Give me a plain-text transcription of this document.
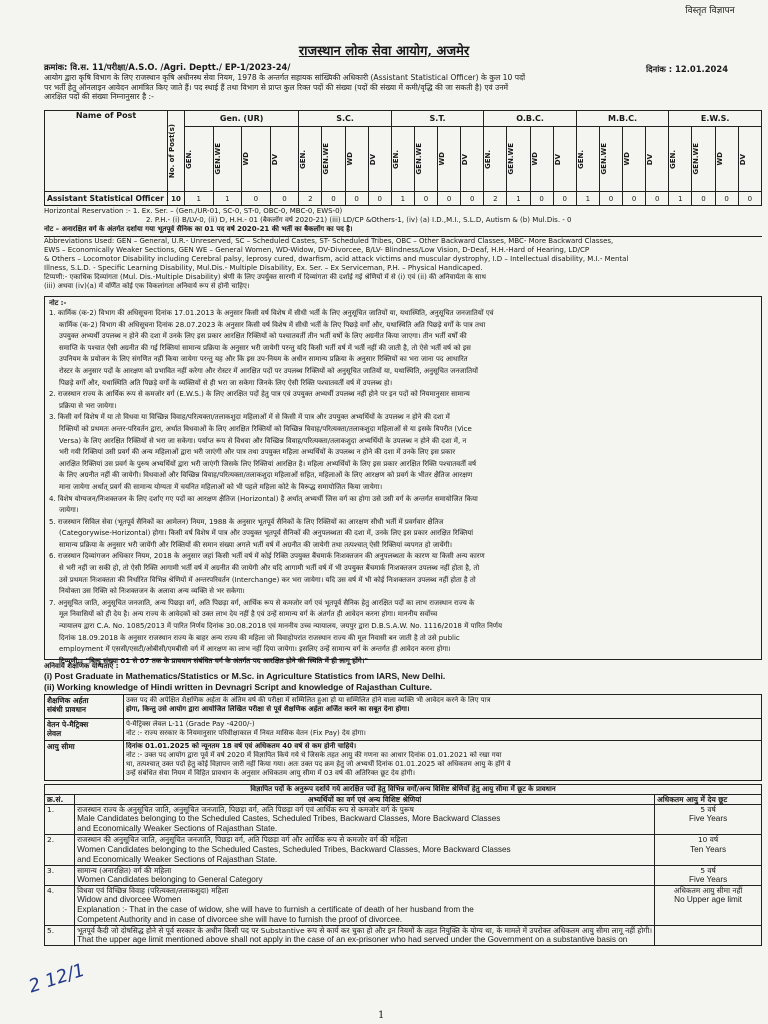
विस्तृत विज्ञापन
राजस्थान लोक सेवा आयोग, अजमेर
क्रमांक: वि.स. 11/परीक्षा/A.S.O. /Agri. Deptt./ EP-1/2023-24/	दिनांक : 12.01.2024
आयोग द्वारा कृषि विभाग के लिए राजस्थान कृषि अधीनस्थ सेवा नियम, 1978 के अन्तर्गत सहायक सांख्यिकी अधिकारी (Assistant Statistical Officer) के कुल 10 पदों
पर भर्ती हेतु ऑनलाइन आवेदन आमंत्रित किए जाते हैं। पद स्थाई हैं तथा विभाग से प्राप्त कुल रिक्त पदों की संख्या (पदों की संख्या में कमी/वृद्धि की जा सकती है) एवं उनमें
आरक्षित पदों की संख्या निम्नानुसार है :-
Name of Post	No. of Post(s)	Gen. (UR)				S.C.				S.T.				O.B.C.				M.B.C.				E.W.S.			

		GEN.	GEN.WE	WD	DV	GEN.	GEN.WE	WD	DV	GEN.	GEN.WE	WD	DV	GEN.	GEN.WE	WD	DV	GEN.	GEN.WE	WD	DV	GEN.	GEN.WE	WD	DV

Assistant Statistical Officer	10	1	1	0	0	2	0	0	0	1	0	0	0	2	1	0	0	1	0	0	0	1	0	0	0
Horizontal Reservation :- 1. Ex. Ser. – (Gen./UR-01, SC-0, ST-0, OBC-0, MBC-0, EWS-0)
2. P.H.- (i) B/LV-0, (ii) D, H.H.- 01 (बैकलॉग वर्ष 2020-21) (iii) LD/CP &Others-1, (iv) (a) I.D.,M.I., S.L.D, Autism & (b) Mul.Dis. - 0
नोट – अनारक्षित वर्ग के अंतर्गत दर्शाया गया भूतपूर्व सैनिक का 01 पद वर्ष 2020-21 की भर्ती का बैकलॉग का पद है।
Abbreviations Used: GEN – General, U.R.- Unreserved, SC – Scheduled Castes, ST- Scheduled Tribes, OBC – Other Backward Classes, MBC- More Backward Classes,
EWS – Economically Weaker Sections, GEN WE – General Women, WD-Widow, DV-Divorcee, B/LV- Blindness/Low Vision, D-Deaf, H.H.-Hard of Hearing, LD/CP
& Others – Locomotor Disability including Cerebral palsy, leprosy cured, dwarfism, acid attack victims and muscular dystrophy, I.D – Intellectual disability, M.I.- Mental
Illness, S.L.D. - Specific Learning Disability, Mul.Dis.- Multiple Disability, Ex. Ser. – Ex Serviceman, P.H. – Physical Handicaped.
टिप्पणी:- एकाधिक दिव्यांगता (Mul. Dis.-Multiple Disability) श्रेणी के लिए उपर्युक्त सारणी में दिव्यांगता की दर्शाई गई श्रेणियों में से (i) एवं (ii) की अनिवार्यता के साथ
(iii) अथवा (iv)(a) में वर्णित कोई एक विकलांगता अनिवार्य रूप से होनी चाहिए।
नोट :-
1. कार्मिक (क-2) विभाग की अधिसूचना दिनांक 17.01.2013 के अनुसार किसी वर्ष विशेष में सीधी भर्ती के लिए अनुसूचित जातियों या, यथास्थिति, अनुसूचित जनजातियों एवं
कार्मिक (क-2) विभाग की अधिसूचना दिनांक 28.07.2023 के अनुसार किसी वर्ष विशेष में सीधी भर्ती के लिए पिछड़े वर्गों और, यथास्थिति अति पिछड़े वर्गों के पात्र तथा
उपयुक्त अभ्यर्थी उपलब्ध न होने की दशा में उनके लिए इस प्रकार आरक्षित रिक्तियों को पश्चातवर्ती तीन भर्ती वर्षों के लिए अग्रनीत किया जाएगा। तीन भर्ती वर्षों की
समाप्ति के पश्चात ऐसी अग्रनीत की गई रिक्तियां सामान्य प्रक्रिया के अनुसार भरी जायेगी परन्तु यदि किसी भर्ती वर्ष में भर्ती नहीं की जाती है, तो ऐसे भर्ती वर्ष को इस
उपनियम के प्रयोजन के लिए संगणित नहीं किया जायेगा परन्तु यह और कि इस उप-नियम के अधीन सामान्य प्रक्रिया के अनुसार रिक्तियों का भरा जाना पद आधारित
रोस्टर के अनुसार पदों के आरक्षण को प्रभावित नहीं करेगा और रोस्टर में आरक्षित पदों पर उपलब्ध रिक्तियों को अनुसूचित जातियों या, यथास्थिति, अनुसूचित जनजातियों
पिछड़े वर्गों और, यथास्थिति अति पिछड़े वर्गों के व्यक्तियों से ही भरा जा सकेगा जिनके लिए ऐसी रिक्ति पश्चातवर्ती वर्ष में उपलब्ध हो।
2. राजस्थान राज्य के आर्थिक रूप से कमजोर वर्ग (E.W.S.) के लिए आरक्षित पदों हेतु पात्र एवं उपयुक्त अभ्यर्थी उपलब्ध नहीं होने पर इन पदों को नियमानुसार सामान्य
प्रक्रिया से भरा जायेगा।
3. किसी वर्ग विशेष में या तो विधवा या विच्छिन्न विवाह/परित्यक्ता/तलाकशुदा महिलाओं में से किसी में पात्र और उपयुक्त अभ्यर्थियों के उपलब्ध न होने की दशा में
रिक्तियों को प्रथमतः अन्तर-परिवर्तन द्वारा, अर्थात विधवाओं के लिए आरक्षित रिक्तियों को विच्छिन्न विवाह/परित्यक्ता/तलाकशुदा महिलाओं से या इसके विपरीत (Vice
Versa) के लिए आरक्षित रिक्तियों से भरा जा सकेगा। पर्याप्त रूप से विधवा और विच्छिन्न विवाह/परित्यक्ता/तलाकशुदा अभ्यर्थियों के उपलब्ध न होने की दशा में, न
भरी गयी रिक्तियां उसी प्रवर्ग की अन्य महिलाओं द्वारा भरी जाएंगी और पात्र तथा उपयुक्त महिला अभ्यर्थियों के उपलब्ध न होने की दशा में उनके लिए इस प्रकार
आरक्षित रिक्तियां उस प्रवर्ग के पुरुष अभ्यर्थियों द्वारा भरी जाएंगी जिसके लिए रिक्तियां आरक्षित है। महिला अभ्यर्थियों के लिए इस प्रकार आरक्षित रिक्ति पश्चातवर्ती वर्ष
के लिए अग्रनीत नहीं की जायेगी। विधवाओं और विच्छिन्न विवाह/परित्यक्ता/तलाकशुदा महिलाओं सहित, महिलाओं के लिए आरक्षण को प्रवर्ग के भीतर क्षैतिज आरक्षण
माना जायेगा अर्थात् प्रवर्ग की सामान्य योग्यता में चयनित महिलाओं को भी पहले महिला कोटे के विरूद्ध समायोजित किया जायेगा।
4. विशेष योग्यजन/निःशक्तजन के लिए दर्शाए गए पदों का आरक्षण क्षैतिज (Horizontal) है अर्थात् अभ्यर्थी जिस वर्ग का होगा उसे उसी वर्ग के अन्तर्गत समायोजित किया
जायेगा।
5. राजस्थान सिविल सेवा (भूतपूर्व सैनिकों का आमेलन) नियम, 1988 के अनुसार भूतपूर्व सैनिकों के लिए रिक्तियों का आरक्षण सीधी भर्ती में प्रवर्गवार क्षैतिज
(Categorywise-Horizontal) होगा। किसी वर्ष विशेष में पात्र और उपयुक्त भूतपूर्व सैनिकों की अनुपलब्धता की दशा में, उनके लिए इस प्रकार आरक्षित रिक्तियां
सामान्य प्रक्रिया के अनुसार भरी जायेंगी और रिक्तियों की समान संख्या अगले भर्ती वर्ष में अग्रनीत की जायेगी तथा तत्पश्चात् ऐसी रिक्तियां व्यपगत हो जायेंगी।
6. राजस्थान दिव्यांगजन अधिकार नियम, 2018 के अनुसार जहां किसी भर्ती वर्ष में कोई रिक्ति उपयुक्त बैंचमार्क निःशक्तजन की अनुपलब्धता के कारण या किसी अन्य कारण
से भरी नहीं जा सकी हो, तो ऐसी रिक्ति आगामी भर्ती वर्ष में अग्रनीत की जायेगी और यदि आगामी भर्ती वर्ष में भी उपयुक्त बैंचमार्क निःशक्तजन उपलब्ध नहीं होता है, तो
उसे प्रथमतः निःशक्तता की निर्धारित विभिन्न श्रेणियों में अन्तरपरिवर्तन (Interchange) कर भरा जायेगा। यदि उस वर्ष में भी कोई निःशक्तजन उपलब्ध नहीं होता है तो
नियोक्ता उस रिक्ति को निःशक्तजन के अलावा अन्य व्यक्ति से भर सकेगा।
7. अनुसूचित जाति, अनुसूचित जनजाति, अन्य पिछड़ा वर्ग, अति पिछड़ा वर्ग, आर्थिक रूप से कमजोर वर्ग एवं भूतपूर्व सैनिक हेतु आरक्षित पदों का लाभ राजस्थान राज्य के
मूल निवासियों को ही देय है। अन्य राज्य के आवेदकों को उक्त लाभ देय नहीं है एवं उन्हें सामान्य वर्ग के अंतर्गत ही आवेदन करना होगा। माननीय सर्वोच्च
न्यायालय द्वारा C.A. No. 1085/2013 में पारित निर्णय दिनांक 30.08.2018 एवं माननीय उच्च न्यायालय, जयपुर द्वारा D.B.S.A.W. No. 1116/2018 में पारित निर्णय
दिनांक 18.09.2018 के अनुसार राजस्थान राज्य के बाहर अन्य राज्य की महिला जो विवाहोपरांत राजस्थान राज्य की मूल निवासी बन जाती है तो उसे public
employment में एससी/एसटी/ओबीसी/एमबीसी वर्ग में आरक्षण का लाभ नहीं दिया जायेगा। इसलिए उन्हें सामान्य वर्ग के अन्तर्गत ही आवेदन करना होगा।
टिप्पणी:- "बिन्दु संख्या 01 से 07 तक के प्रावधान संबंधित वर्ग के अंतर्गत पद आरक्षित होने की स्थिति में ही लागू होंगे।"
अनिवार्य शैक्षणिक योग्यताएं :
(i) Post Graduate in Mathematics/Statistics or M.Sc. in Agriculture Statistics from IARS, New Delhi.
(ii) Working knowledge of Hindi written in Devnagri Script and knowledge of Rajasthan Culture.
शैक्षणिक अर्हता
संबंधी प्रावधान	उक्त पद की अपेक्षित शैक्षणिक अर्हता के अंतिम वर्ष की परीक्षा में सम्मिलित हुआ हो या सम्मिलित होने वाला व्यक्ति भी आवेदन करने के लिए पात्र
होगा, किन्तु उसे आयोग द्वारा आयोजित लिखित परीक्षा से पूर्व शैक्षणिक अर्हता अर्जित करने का सबूत देना होगा।

वेतन पे-मैट्रिक्स
लेवल	पे-मैट्रिक्स लेवल L-11 (Grade Pay -4200/-)
नोट :- राज्य सरकार के नियमानुसार परिवीक्षाकाल में नियत मासिक वेतन (Fix Pay) देय होगा।

आयु सीमा	दिनांक 01.01.2025 को न्यूनतम 18 वर्ष एवं अधिकतम 40 वर्ष से कम होनी चाहिये।
नोट :- उक्त पद आयोग द्वारा पूर्व में वर्ष 2020 में विज्ञापित किये गये थे जिसके तहत आयु की गणना का आधार दिनांक 01.01.2021 को रखा गया
था, तत्पश्चात् उक्त पदों हेतु कोई विज्ञापन जारी नहीं किया गया। अतः उक्त पद क्रम हेतु जो अभ्यर्थी दिनांक 01.01.2025 को अधिकतम आयु के होंगे वे
उन्हें संबंधित सेवा नियम में विहित प्रावधान के अनुसार अधिकतम आयु सीमा में 03 वर्ष की अतिरिक्त छूट देय होगी।
विज्ञापित पदों के अनुरूप दर्शाये गये आरक्षित पदों हेतु विभिन्न वर्गों/अन्य विशिष्ट श्रेणियों हेतु आयु सीमा में छूट के प्रावधान
क्र.सं.	अभ्यर्थियों का वर्ग एवं अन्य विशिष्ट श्रेणियां	अधिकतम आयु में देय छूट
1.	राजस्थान राज्य के अनुसूचित जाति, अनुसूचित जनजाति, पिछड़ा वर्ग, अति पिछड़ा वर्ग एवं आर्थिक रूप से कमजोर वर्ग के पुरूष
Male Candidates belonging to the Scheduled Castes, Scheduled Tribes, Backward Classes, More Backward Classes
and Economically Weaker Sections of Rajasthan State.	5 वर्ष
Five Years

2.	राजस्थान की अनुसूचित जाति, अनुसूचित जनजाति, पिछड़ा वर्ग, अति पिछड़ा वर्ग और आर्थिक रूप से कमजोर वर्ग की महिला
Women Candidates belonging to the Scheduled Castes, Scheduled Tribes, Backward Classes, More Backward Classes
and Economically Weaker Sections of Rajasthan State.	10 वर्ष
Ten Years

3.	सामान्य (अनारक्षित) वर्ग की महिला
Women Candidates belonging to General Category	5 वर्ष
Five Years

4.	विधवा एवं विच्छिन्न विवाह (परित्यक्ता/तलाकशुदा) महिला
Widow and divorcee Women
Explanation :- That in the case of widow, she will have to furnish a certificate of death of her husband from the
Competent Authority and in case of divorcee she will have to furnish the proof of divorcee.	अधिकतम आयु सीमा नहीं
No Upper age limit

5.	भूतपूर्व कैदी जो दोषसिद्ध होने से पूर्व सरकार के अधीन किसी पद पर Substantive रूप से कार्य कर चुका हो और इन नियमों के तहत नियुक्ति के योग्य था, के मामले में उपरोक्त अधिकतम आयु सीमा लागू नहीं होगी।
That the upper age limit mentioned above shall not apply in the case of an ex-prisoner who had served under the Government on a substantive basis on	

1
2 12/1
